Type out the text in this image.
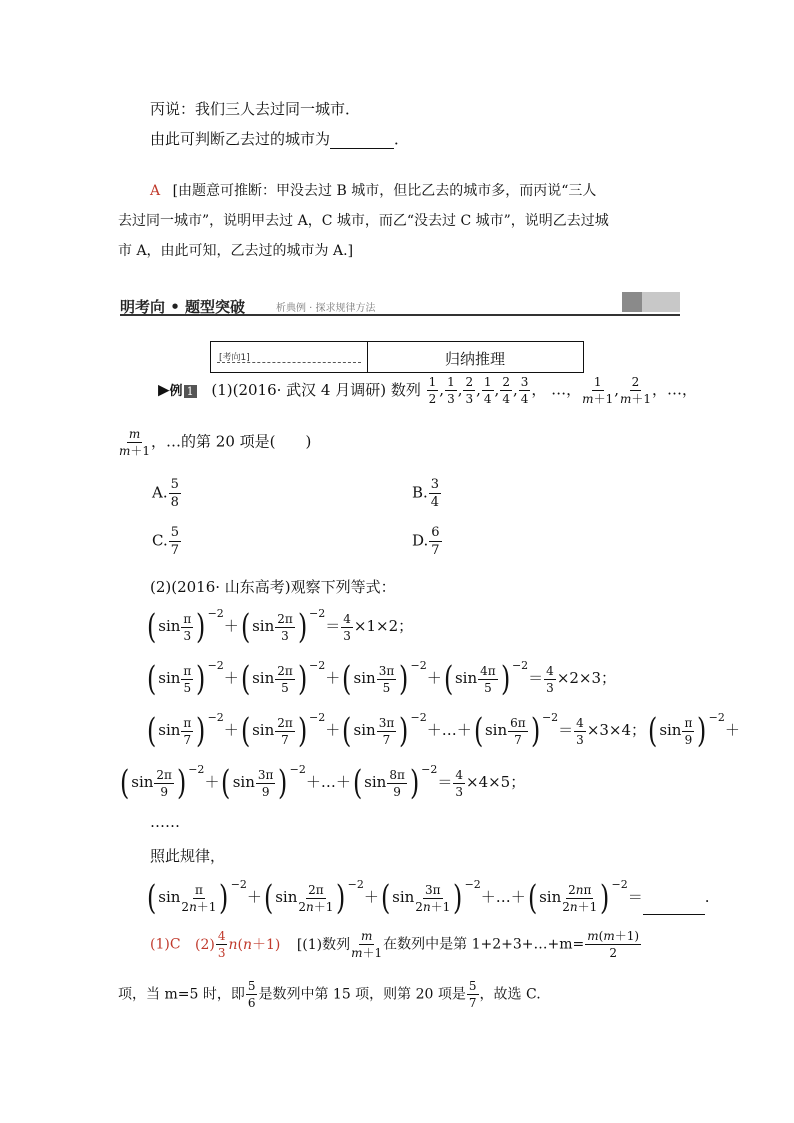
丙说：我们三人去过同一城市．
由此可判断乙去过的城市为	．
A [由题意可推断：甲没去过 B 城市，但比乙去的城市多，而丙说“三人
去过同一城市”，说明甲去过 A，C 城市，而乙“没去过 C 城市”，说明乙去过城
市 A，由此可知，乙去过的城市为 A.]
明考向 • 题型突破	析典例 · 探求规律方法
[考向1]	归纳推理
▶例 1 (1)(2016· 武汉 4 月调研) 数列 $\frac{1}{2}$ , $\frac{1}{3}$ , $\frac{2}{3}$ , $\frac{1}{4}$ , $\frac{2}{4}$ , $\frac{3}{4}$ ， …， $\frac{1}{m+1}$ , $\frac{2}{m+1}$ ，…，
$\frac{m}{m+1}$ ，…的第 20 项是(　　)
A. $\frac{5}{8}$	B. $\frac{3}{4}$
C. $\frac{5}{7}$	D. $\frac{6}{7}$
(2)(2016· 山东高考)观察下列等式：
( $\sin \frac{\pi}{3}$ ) $^{-2}$＋( $\sin \frac{2\pi}{3}$ ) $^{-2}= \frac{4}{3} \times 1\times 2$；
( $\sin \frac{\pi}{5}$ ) $^{-2}$＋( $\sin \frac{2\pi}{5}$ ) $^{-2}$＋( $\sin \frac{3\pi}{5}$ ) $^{-2}$＋( $\sin \frac{4\pi}{5}$ ) $^{-2}= \frac{4}{3} \times 2\times 3$；
( $\sin \frac{\pi}{7}$ ) $^{-2}$＋( $\sin \frac{2\pi}{7}$ ) $^{-2}$＋( $\sin \frac{3\pi}{7}$ ) $^{-2}$＋…＋( $\sin \frac{6\pi}{7}$ ) $^{-2}= \frac{4}{3} \times 3\times 4$；( $\sin \frac{\pi}{9}$ ) $^{-2}$＋
( $\sin \frac{2\pi}{9}$ ) $^{-2}$＋( $\sin \frac{3\pi}{9}$ ) $^{-2}$＋…＋( $\sin \frac{8\pi}{9}$ ) $^{-2}= \frac{4}{3} \times 4\times 5$；
……
照此规律，
( $\sin \frac{\pi}{2n+1}$ ) $^{-2}$＋( $\sin \frac{2\pi}{2n+1}$ ) $^{-2}$＋( $\sin \frac{3\pi}{2n+1}$ ) $^{-2}$＋…＋( $\sin \frac{2n\pi}{2n+1}$ ) $^{-2}$＝	.
(1)C $(2) \frac{4}{3} n(n+1)$ [(1)数列 $\frac{m}{m+1}$ 在数列中是第 1+2+3+…+m= $\frac{m(m+1)}{2}$
项，当 m=5 时，即 $\frac{5}{6}$ 是数列中第 15 项，则第 20 项是 $\frac{5}{7}$ ，故选 C.
